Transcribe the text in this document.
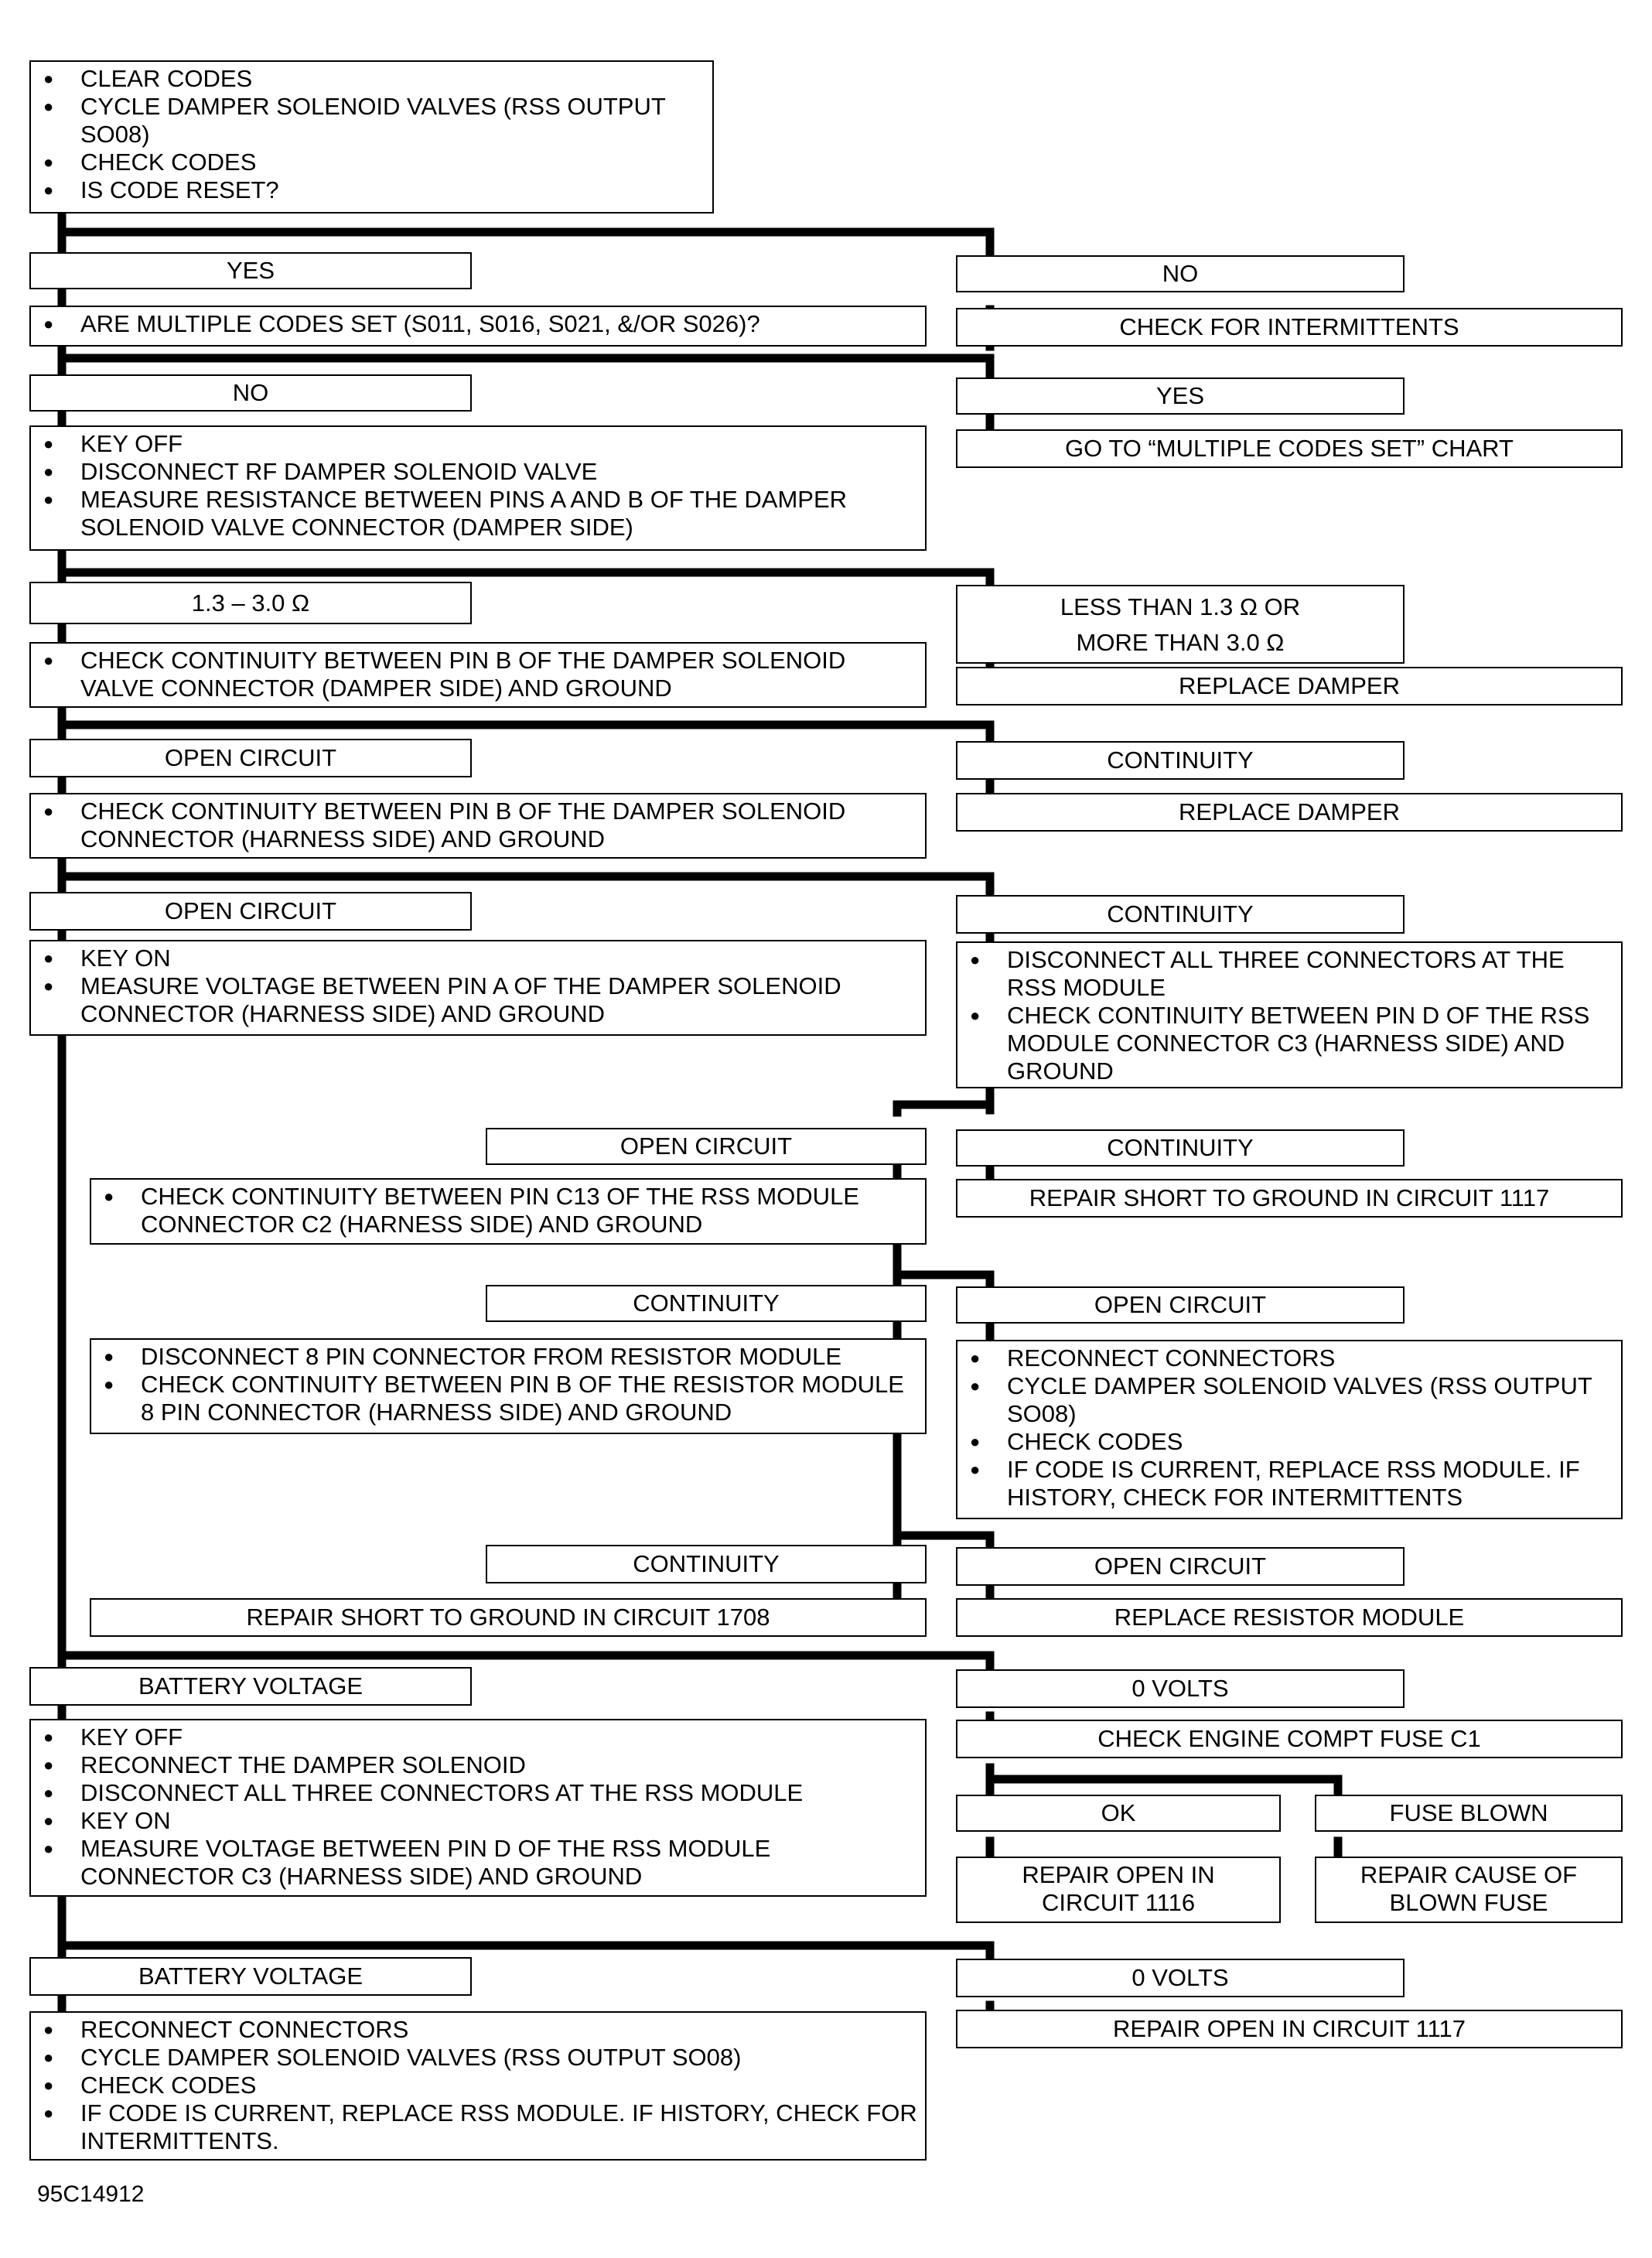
● CLEAR CODES
● CYCLE DAMPER SOLENOID VALVES (RSS OUTPUT SO08)
● CHECK CODES
● IS CODE RESET?
YES	NO
● ARE MULTIPLE CODES SET (S011, S016, S021, &/OR S026)?	CHECK FOR INTERMITTENTS
NO	YES
● KEY OFF
● DISCONNECT RF DAMPER SOLENOID VALVE
● MEASURE RESISTANCE BETWEEN PINS A AND B OF THE DAMPER SOLENOID VALVE CONNECTOR (DAMPER SIDE)
GO TO “MULTIPLE CODES SET” CHART
1.3 – 3.0 Ω	LESS THAN 1.3 Ω OR
MORE THAN 3.0 Ω
● CHECK CONTINUITY BETWEEN PIN B OF THE DAMPER SOLENOID VALVE CONNECTOR (DAMPER SIDE) AND GROUND	REPLACE DAMPER
OPEN CIRCUIT	CONTINUITY
● CHECK CONTINUITY BETWEEN PIN B OF THE DAMPER SOLENOID CONNECTOR (HARNESS SIDE) AND GROUND
REPLACE DAMPER
OPEN CIRCUIT	CONTINUITY
● KEY ON
● MEASURE VOLTAGE BETWEEN PIN A OF THE DAMPER SOLENOID CONNECTOR (HARNESS SIDE) AND GROUND
● DISCONNECT ALL THREE CONNECTORS AT THE RSS MODULE
● CHECK CONTINUITY BETWEEN PIN D OF THE RSS MODULE CONNECTOR C3 (HARNESS SIDE) AND GROUND
OPEN CIRCUIT	CONTINUITY
● CHECK CONTINUITY BETWEEN PIN C13 OF THE RSS MODULE CONNECTOR C2 (HARNESS SIDE) AND GROUND
REPAIR SHORT TO GROUND IN CIRCUIT 1117
CONTINUITY	OPEN CIRCUIT
● DISCONNECT 8 PIN CONNECTOR FROM RESISTOR MODULE
● CHECK CONTINUITY BETWEEN PIN B OF THE RESISTOR MODULE 8 PIN CONNECTOR (HARNESS SIDE) AND GROUND
● RECONNECT CONNECTORS
● CYCLE DAMPER SOLENOID VALVES (RSS OUTPUT SO08)
● CHECK CODES
● IF CODE IS CURRENT, REPLACE RSS MODULE. IF HISTORY, CHECK FOR INTERMITTENTS
CONTINUITY	OPEN CIRCUIT
REPAIR SHORT TO GROUND IN CIRCUIT 1708	REPLACE RESISTOR MODULE
BATTERY VOLTAGE	0 VOLTS
● KEY OFF
● RECONNECT THE DAMPER SOLENOID
● DISCONNECT ALL THREE CONNECTORS AT THE RSS MODULE
● KEY ON
● MEASURE VOLTAGE BETWEEN PIN D OF THE RSS MODULE CONNECTOR C3 (HARNESS SIDE) AND GROUND
CHECK ENGINE COMPT FUSE C1
OK	FUSE BLOWN
REPAIR OPEN IN
CIRCUIT 1116
REPAIR CAUSE OF
BLOWN FUSE
BATTERY VOLTAGE	0 VOLTS
● RECONNECT CONNECTORS
● CYCLE DAMPER SOLENOID VALVES (RSS OUTPUT SO08)
● CHECK CODES
● IF CODE IS CURRENT, REPLACE RSS MODULE. IF HISTORY, CHECK FOR INTERMITTENTS.
REPAIR OPEN IN CIRCUIT 1117
95C14912
